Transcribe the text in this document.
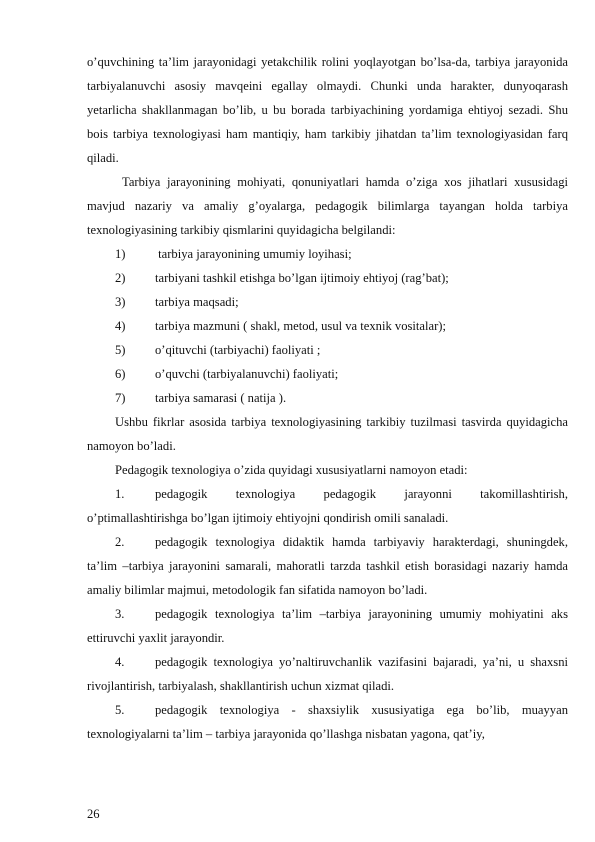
o’quvchining ta’lim jarayonidagi yetakchilik rolini yoqlayotgan bo’lsa-da, tarbiya jarayonida tarbiyalanuvchi asosiy mavqeini egallay olmaydi. Chunki unda harakter, dunyoqarash yetarlicha shakllanmagan bo’lib, u bu borada tarbiyachining yordamiga ehtiyoj sezadi. Shu bois tarbiya texnologiyasi ham mantiqiy, ham tarkibiy jihatdan ta’lim texnologiyasidan farq qiladi.

Tarbiya jarayonining mohiyati, qonuniyatlari hamda o’ziga xos jihatlari xususidagi mavjud nazariy va amaliy g’oyalarga, pedagogik bilimlarga tayangan holda tarbiya texnologiyasining tarkibiy qismlarini quyidagicha belgilandi:

1)	tarbiya jarayonining umumiy loyihasi;
2)	tarbiyani tashkil etishga bo’lgan ijtimoiy ehtiyoj (rag’bat);
3)	tarbiya maqsadi;
4)	tarbiya mazmuni ( shakl, metod, usul va texnik vositalar);
5)	o’qituvchi (tarbiyachi) faoliyati ;
6)	o’quvchi (tarbiyalanuvchi) faoliyati;
7)	tarbiya samarasi ( natija ).

Ushbu fikrlar asosida tarbiya texnologiyasining tarkibiy tuzilmasi tasvirda quyidagicha namoyon bo’ladi.

Pedagogik texnologiya o’zida quyidagi xususiyatlarni namoyon etadi:

1.	pedagogik texnologiya pedagogik jarayonni takomillashtirish, o’ptimallashtirishga bo’lgan ijtimoiy ehtiyojni qondirish omili sanaladi.
2.	pedagogik texnologiya didaktik hamda tarbiyaviy harakterdagi, shuningdek, ta’lim –tarbiya jarayonini samarali, mahoratli tarzda tashkil etish borasidagi nazariy hamda amaliy bilimlar majmui, metodologik fan sifatida namoyon bo’ladi.
3.	pedagogik texnologiya ta’lim –tarbiya jarayonining umumiy mohiyatini aks ettiruvchi yaxlit jarayondir.
4.	pedagogik texnologiya yo’naltiruvchanlik vazifasini bajaradi, ya’ni, u shaxsni rivojlantirish, tarbiyalash, shakllantirish uchun xizmat qiladi.
5.	pedagogik texnologiya - shaxsiylik xususiyatiga ega bo’lib, muayyan texnologiyalarni ta’lim – tarbiya jarayonida qo’llashga nisbatan yagona, qat’iy,
26
